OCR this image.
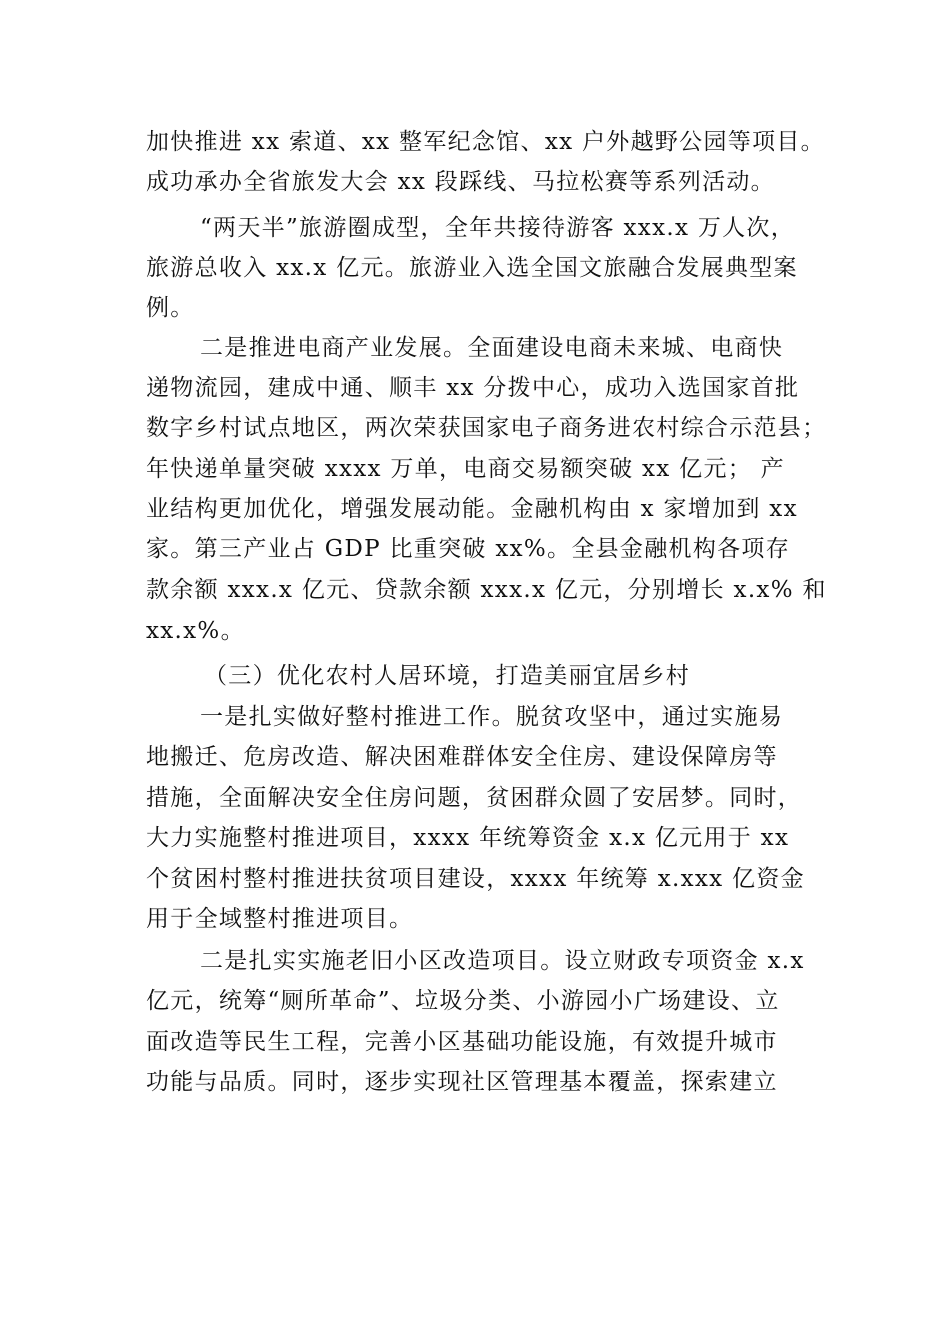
加快推进 xx 索道、xx 整军纪念馆、xx 户外越野公园等项目。
成功承办全省旅发大会 xx 段踩线、马拉松赛等系列活动。
“两天半”旅游圈成型，全年共接待游客 xxx.x 万人次，
旅游总收入 xx.x 亿元。旅游业入选全国文旅融合发展典型案
例。
二是推进电商产业发展。全面建设电商未来城、电商快
递物流园，建成中通、顺丰 xx 分拨中心，成功入选国家首批
数字乡村试点地区，两次荣获国家电子商务进农村综合示范县；
年快递单量突破 xxxx 万单，电商交易额突破 xx 亿元； 产
业结构更加优化，增强发展动能。金融机构由 x 家增加到 xx
家。第三产业占 GDP 比重突破 xx%。全县金融机构各项存
款余额 xxx.x 亿元、贷款余额 xxx.x 亿元，分别增长 x.x% 和
xx.x%。
（三）优化农村人居环境，打造美丽宜居乡村
一是扎实做好整村推进工作。脱贫攻坚中，通过实施易
地搬迁、危房改造、解决困难群体安全住房、建设保障房等
措施，全面解决安全住房问题，贫困群众圆了安居梦。同时，
大力实施整村推进项目，xxxx 年统筹资金 x.x 亿元用于 xx
个贫困村整村推进扶贫项目建设，xxxx 年统筹 x.xxx 亿资金
用于全域整村推进项目。
二是扎实实施老旧小区改造项目。设立财政专项资金 x.x
亿元，统筹“厕所革命”、垃圾分类、小游园小广场建设、立
面改造等民生工程，完善小区基础功能设施，有效提升城市
功能与品质。同时，逐步实现社区管理基本覆盖，探索建立
